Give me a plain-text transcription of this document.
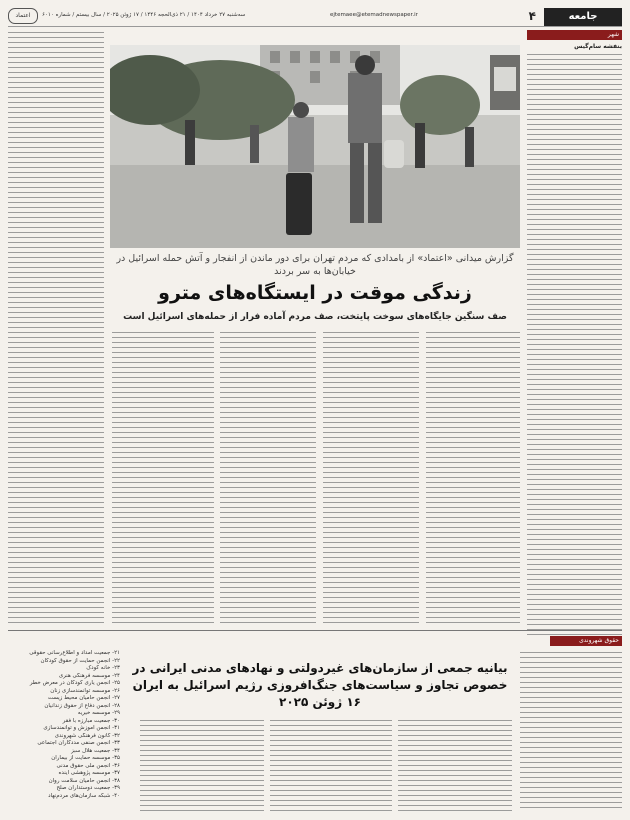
جامعه
۴
ejtemaee@etemadnewspaper.ir
سه‌شنبه ۲۷ خرداد ۱۴۰۴ / ۲۱ ذی‌الحجه ۱۴۴۶ / ۱۷ ژوئن ۲۰۲۵ / سال بیستم / شماره ۶۰۱۰
اعتماد
شهر
بنفشه سام‌گیس
گزارش میدانی «اعتماد» از بامدادی که مردم تهران برای دور ماندن از انفجار و آتش حمله اسرائیل در خیابان‌ها به سر بردند
زندگی موقت در ایستگاه‌های مترو
صف سنگین جایگاه‌های سوخت پایتخت، صف مردم آماده فرار از حمله‌های اسرائیل است
حقوق شهروندی
بیانیه جمعی از سازمان‌های غیردولتی و نهادهای مدنی ایرانی در خصوص تجاوز و سیاست‌های جنگ‌افروزی رژیم اسرائیل به ایران ۱۶ ژوئن ۲۰۲۵
۲۱- جمعیت امداد و اطلاع‌رسانی حقوقی
۲۲- انجمن حمایت از حقوق کودکان
۲۳- خانه کودک
۲۴- موسسه فرهنگی هنری
۲۵- انجمن یاری کودکان در معرض خطر
۲۶- موسسه توانمندسازی زنان
۲۷- انجمن حامیان محیط زیست
۲۸- انجمن دفاع از حقوق زندانیان
۲۹- موسسه خیریه
۳۰- جمعیت مبارزه با فقر
۳۱- انجمن آموزش و توانمندسازی
۳۲- کانون فرهنگی شهروندی
۳۳- انجمن صنفی مددکاران اجتماعی
۳۴- جمعیت هلال سبز
۳۵- موسسه حمایت از بیماران
۳۶- انجمن ملی حقوق مدنی
۳۷- موسسه پژوهشی آینده
۳۸- انجمن حامیان سلامت روان
۳۹- جمعیت دوستداران صلح
۴۰- شبکه سازمان‌های مردم‌نهاد
